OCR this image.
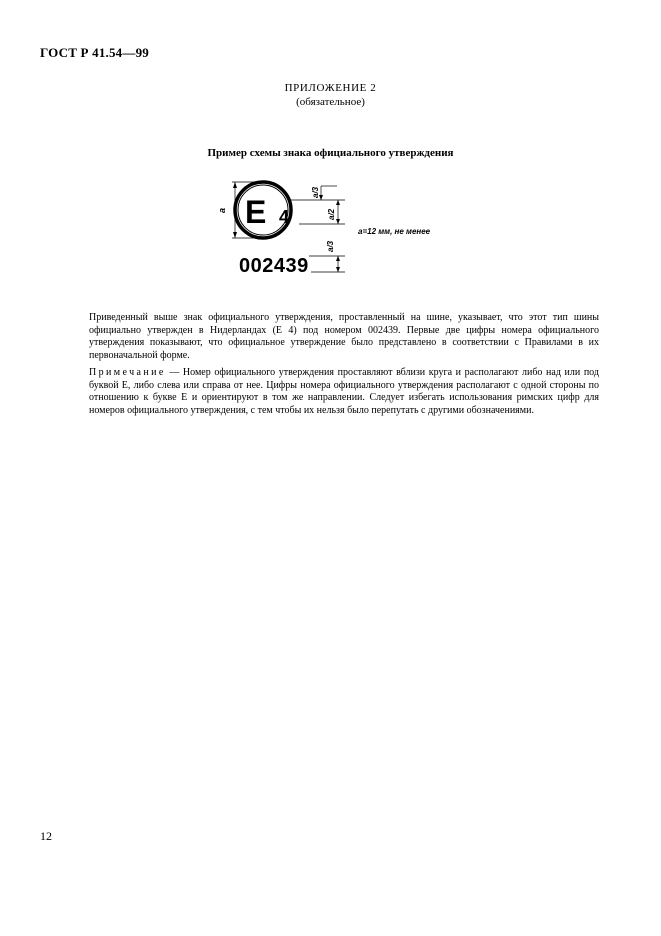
ГОСТ Р 41.54—99
ПРИЛОЖЕНИЕ 2
(обязательное)
Пример схемы знака официального утверждения
E 4
a
a/3
a/2
a/3
002439
a=12 мм, не менее
Приведенный выше знак официального утверждения, проставленный на шине, указывает, что этот тип шины официально утвержден в Нидерландах (Е 4) под номером 002439. Первые две цифры номера официального утверждения показывают, что официальное утверждение было представлено в соответствии с Правилами в их первоначальной форме.
Примечание — Номер официального утверждения проставляют вблизи круга и располагают либо над или под буквой Е, либо слева или справа от нее. Цифры номера официального утверждения располагают с одной стороны по отношению к букве Е и ориентируют в том же направлении. Следует избегать использования римских цифр для номеров официального утверждения, с тем чтобы их нельзя было перепутать с другими обозначениями.
12
